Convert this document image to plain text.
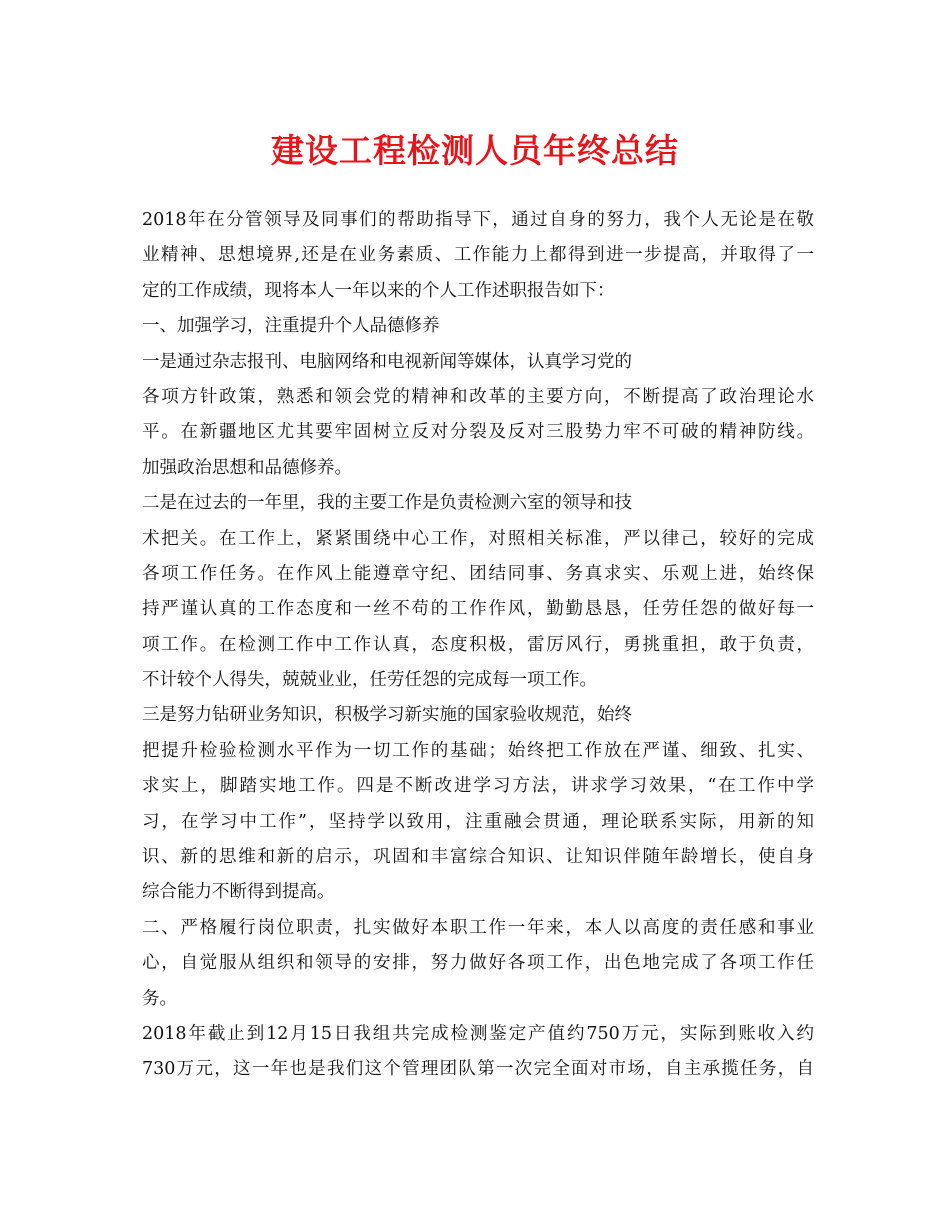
建设工程检测人员年终总结
2018年在分管领导及同事们的帮助指导下，通过自身的努力，我个人无论是在敬
业精神、思想境界,还是在业务素质、工作能力上都得到进一步提高，并取得了一
定的工作成绩，现将本人一年以来的个人工作述职报告如下：
一、加强学习，注重提升个人品德修养
一是通过杂志报刊、电脑网络和电视新闻等媒体，认真学习党的
各项方针政策，熟悉和领会党的精神和改革的主要方向，不断提高了政治理论水
平。在新疆地区尤其要牢固树立反对分裂及反对三股势力牢不可破的精神防线。
加强政治思想和品德修养。
二是在过去的一年里，我的主要工作是负责检测六室的领导和技
术把关。在工作上，紧紧围绕中心工作，对照相关标准，严以律己，较好的完成
各项工作任务。在作风上能遵章守纪、团结同事、务真求实、乐观上进，始终保
持严谨认真的工作态度和一丝不苟的工作作风，勤勤恳恳，任劳任怨的做好每一
项工作。在检测工作中工作认真，态度积极，雷厉风行，勇挑重担，敢于负责，
不计较个人得失，兢兢业业，任劳任怨的完成每一项工作。
三是努力钻研业务知识，积极学习新实施的国家验收规范，始终
把提升检验检测水平作为一切工作的基础；始终把工作放在严谨、细致、扎实、
求实上，脚踏实地工作。四是不断改进学习方法，讲求学习效果，“在工作中学
习，在学习中工作”，坚持学以致用，注重融会贯通，理论联系实际，用新的知
识、新的思维和新的启示，巩固和丰富综合知识、让知识伴随年龄增长，使自身
综合能力不断得到提高。
二、严格履行岗位职责，扎实做好本职工作一年来，本人以高度的责任感和事业
心，自觉服从组织和领导的安排，努力做好各项工作，出色地完成了各项工作任
务。
2018年截止到12月15日我组共完成检测鉴定产值约750万元，实际到账收入约
730万元，这一年也是我们这个管理团队第一次完全面对市场，自主承揽任务，自
